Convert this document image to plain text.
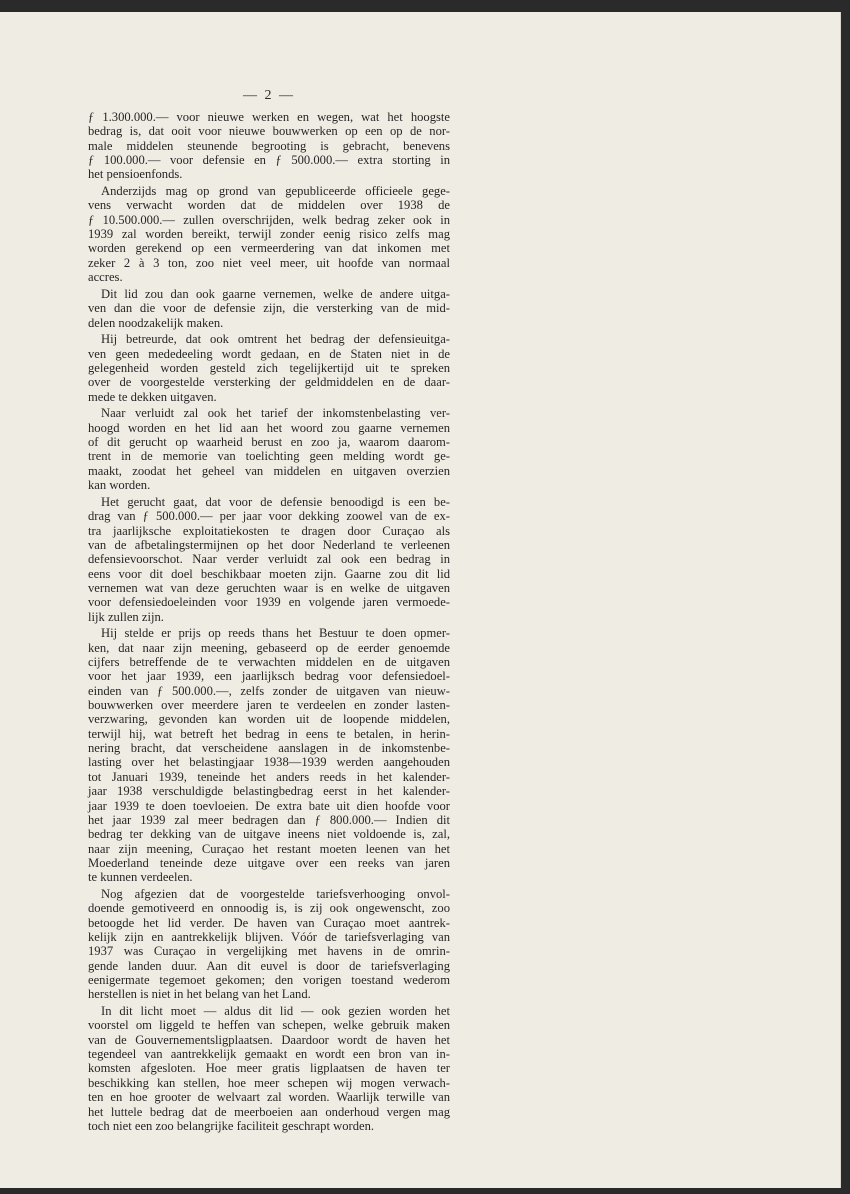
— 2 —

ƒ 1.300.000.— voor nieuwe werken en wegen, wat het hoogste
bedrag is, dat ooit voor nieuwe bouwwerken op een op de nor-
male middelen steunende begrooting is gebracht, benevens
ƒ 100.000.— voor defensie en ƒ 500.000.— extra storting in
het pensioenfonds.

Anderzijds mag op grond van gepubliceerde officieele gege-
vens verwacht worden dat de middelen over 1938 de
ƒ 10.500.000.— zullen overschrijden, welk bedrag zeker ook in
1939 zal worden bereikt, terwijl zonder eenig risico zelfs mag
worden gerekend op een vermeerdering van dat inkomen met
zeker 2 à 3 ton, zoo niet veel meer, uit hoofde van normaal
accres.

Dit lid zou dan ook gaarne vernemen, welke de andere uitga-
ven dan die voor de defensie zijn, die versterking van de mid-
delen noodzakelijk maken.

Hij betreurde, dat ook omtrent het bedrag der defensieuitga-
ven geen mededeeling wordt gedaan, en de Staten niet in de
gelegenheid worden gesteld zich tegelijkertijd uit te spreken
over de voorgestelde versterking der geldmiddelen en de daar-
mede te dekken uitgaven.

Naar verluidt zal ook het tarief der inkomstenbelasting ver-
hoogd worden en het lid aan het woord zou gaarne vernemen
of dit gerucht op waarheid berust en zoo ja, waarom daarom-
trent in de memorie van toelichting geen melding wordt ge-
maakt, zoodat het geheel van middelen en uitgaven overzien
kan worden.

Het gerucht gaat, dat voor de defensie benoodigd is een be-
drag van ƒ 500.000.— per jaar voor dekking zoowel van de ex-
tra jaarlijksche exploitatiekosten te dragen door Curaçao als
van de afbetalingstermijnen op het door Nederland te verleenen
defensievoorschot. Naar verder verluidt zal ook een bedrag in
eens voor dit doel beschikbaar moeten zijn. Gaarne zou dit lid
vernemen wat van deze geruchten waar is en welke de uitgaven
voor defensiedoeleinden voor 1939 en volgende jaren vermoede-
lijk zullen zijn.

Hij stelde er prijs op reeds thans het Bestuur te doen opmer-
ken, dat naar zijn meening, gebaseerd op de eerder genoemde
cijfers betreffende de te verwachten middelen en de uitgaven
voor het jaar 1939, een jaarlijksch bedrag voor defensiedoel-
einden van ƒ 500.000.—, zelfs zonder de uitgaven van nieuw-
bouwwerken over meerdere jaren te verdeelen en zonder lasten-
verzwaring, gevonden kan worden uit de loopende middelen,
terwijl hij, wat betreft het bedrag in eens te betalen, in herin-
nering bracht, dat verscheidene aanslagen in de inkomstenbe-
lasting over het belastingjaar 1938—1939 werden aangehouden
tot Januari 1939, teneinde het anders reeds in het kalender-
jaar 1938 verschuldigde belastingbedrag eerst in het kalender-
jaar 1939 te doen toevloeien. De extra bate uit dien hoofde voor
het jaar 1939 zal meer bedragen dan ƒ 800.000.— Indien dit
bedrag ter dekking van de uitgave ineens niet voldoende is, zal,
naar zijn meening, Curaçao het restant moeten leenen van het
Moederland teneinde deze uitgave over een reeks van jaren
te kunnen verdeelen.

Nog afgezien dat de voorgestelde tariefsverhooging onvol-
doende gemotiveerd en onnoodig is, is zij ook ongewenscht, zoo
betoogde het lid verder. De haven van Curaçao moet aantrek-
kelijk zijn en aantrekkelijk blijven. Vóór de tariefsverlaging van
1937 was Curaçao in vergelijking met havens in de omrin-
gende landen duur. Aan dit euvel is door de tariefsverlaging
eenigermate tegemoet gekomen; den vorigen toestand wederom
herstellen is niet in het belang van het Land.

In dit licht moet — aldus dit lid — ook gezien worden het
voorstel om liggeld te heffen van schepen, welke gebruik maken
van de Gouvernementsligplaatsen. Daardoor wordt de haven het
tegendeel van aantrekkelijk gemaakt en wordt een bron van in-
komsten afgesloten. Hoe meer gratis ligplaatsen de haven ter
beschikking kan stellen, hoe meer schepen wij mogen verwach-
ten en hoe grooter de welvaart zal worden. Waarlijk terwille van
het luttele bedrag dat de meerboeien aan onderhoud vergen mag
toch niet een zoo belangrijke faciliteit geschrapt worden.
